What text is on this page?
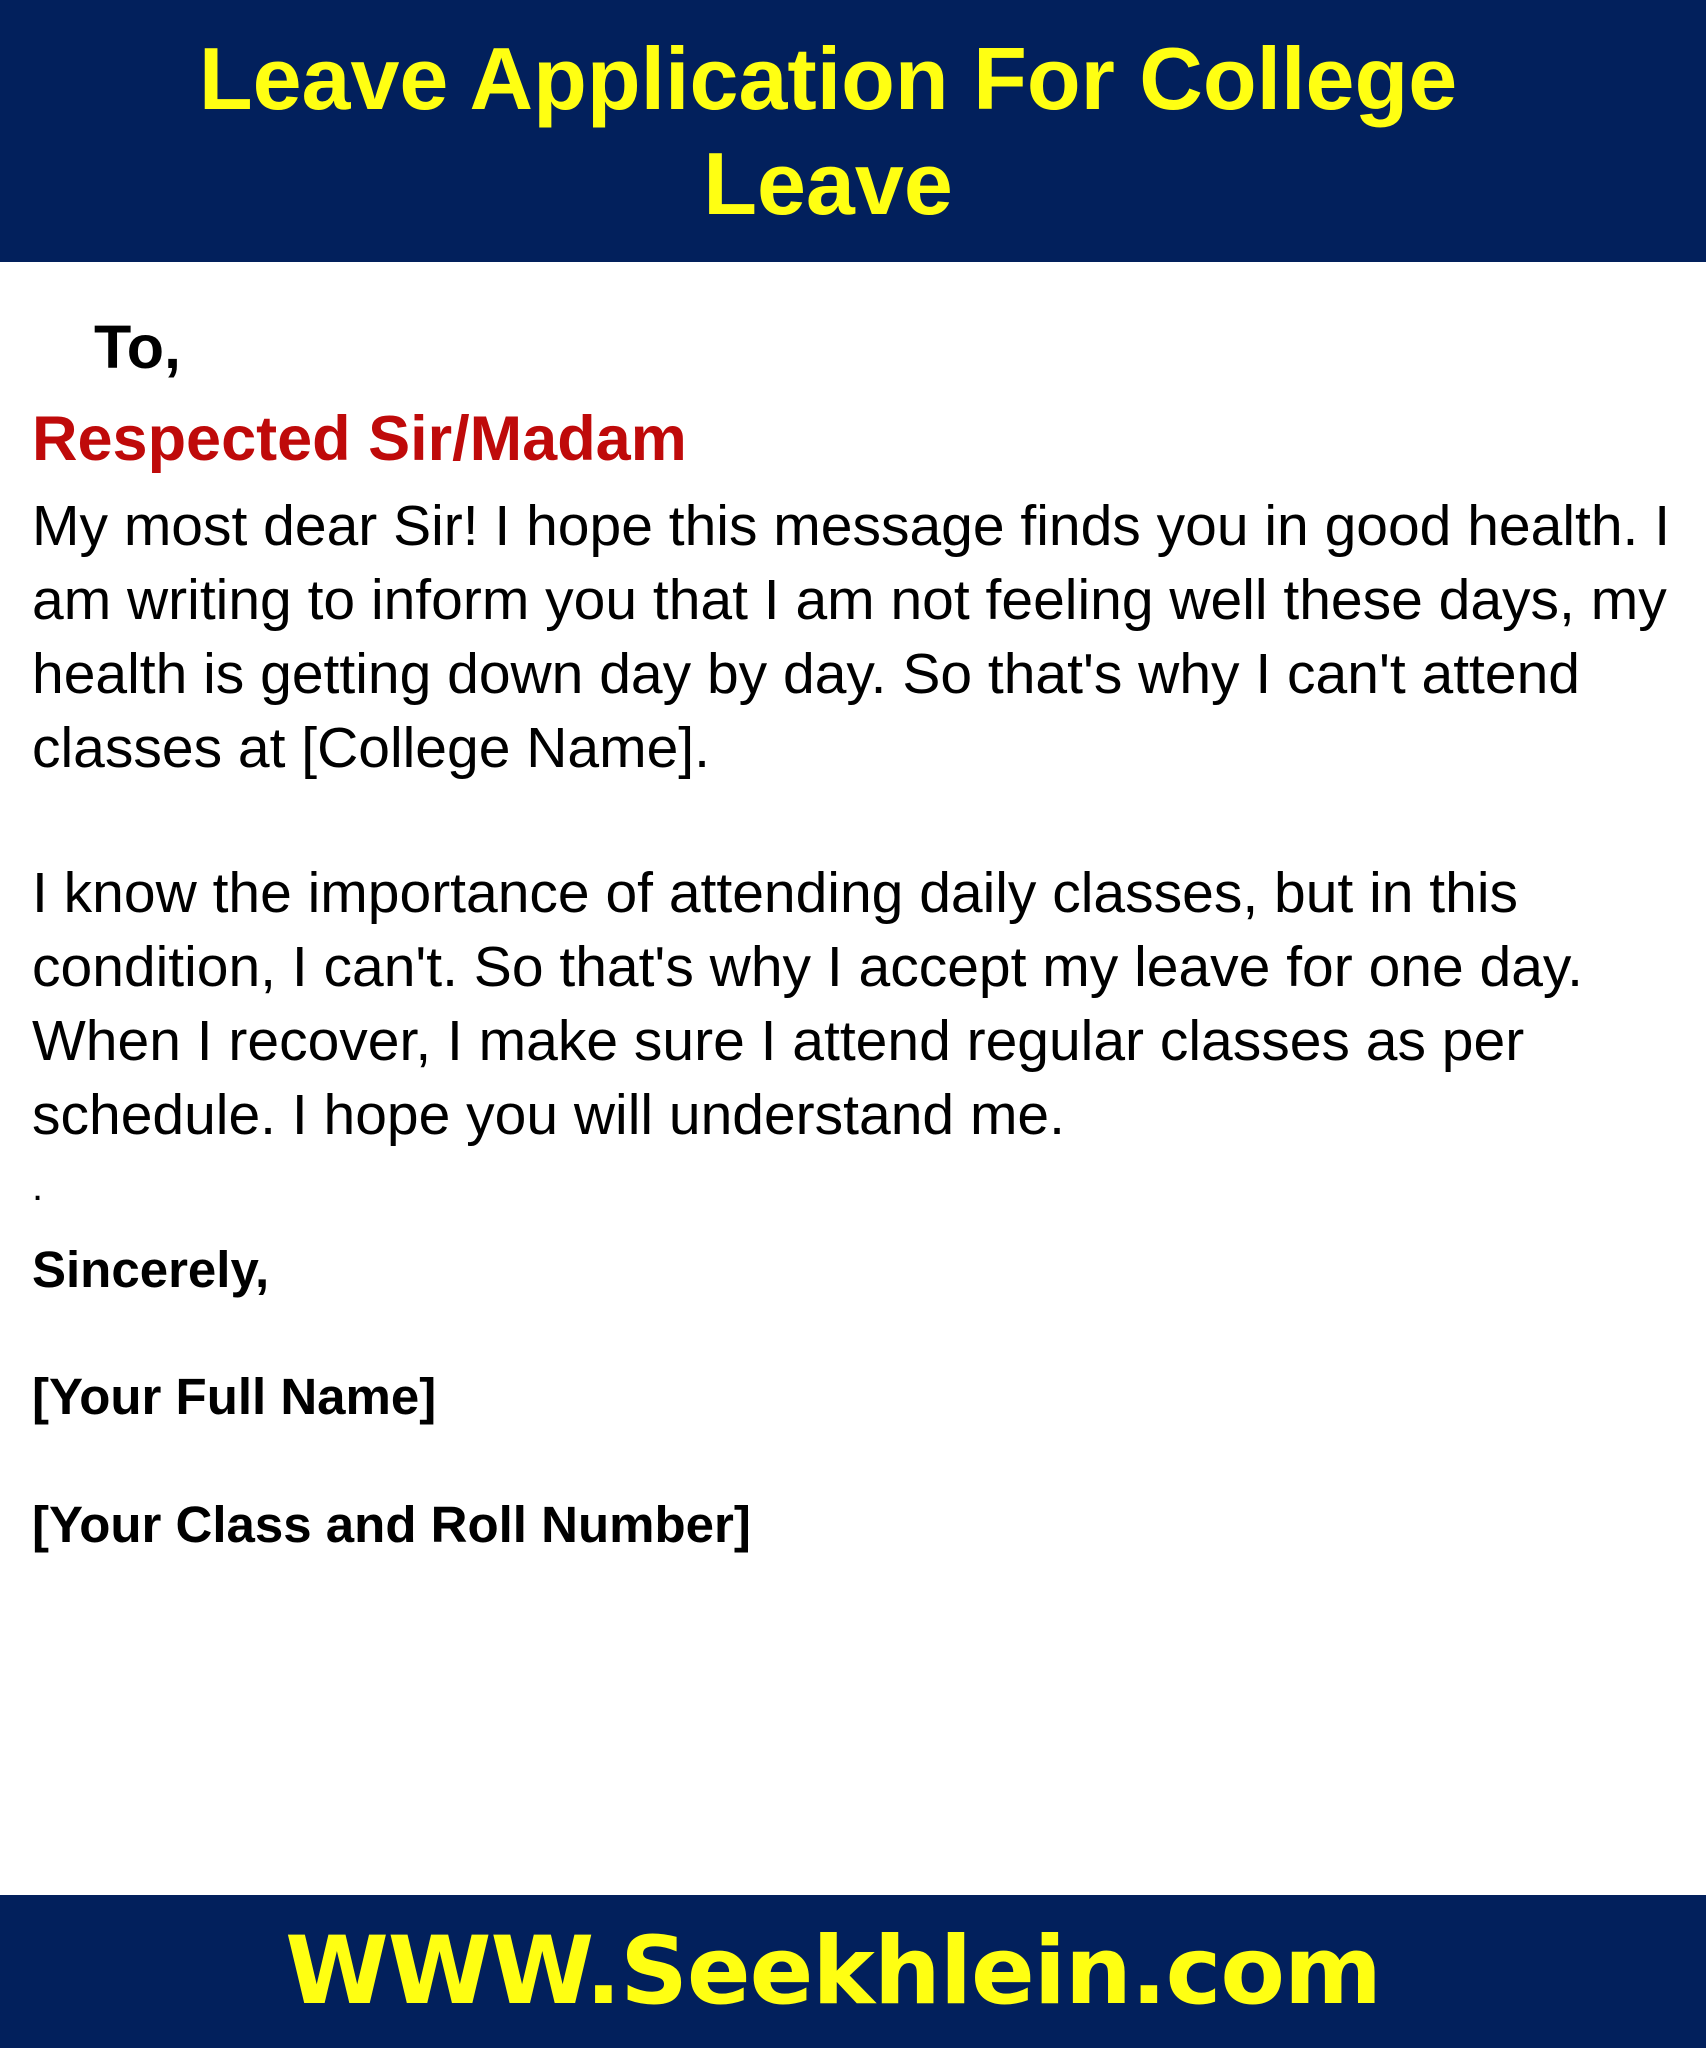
Leave Application For College Leave

To,

Respected Sir/Madam

My most dear Sir! I hope this message finds you in good health. I am writing to inform you that I am not feeling well these days, my health is getting down day by day. So that's why I can't attend classes at [College Name].

I know the importance of attending daily classes, but in this condition, I can't. So that's why I accept my leave for one day. When I recover, I make sure I attend regular classes as per schedule. I hope you will understand me.

.

Sincerely,

[Your Full Name]

[Your Class and Roll Number]

WWW.Seekhlein.com
